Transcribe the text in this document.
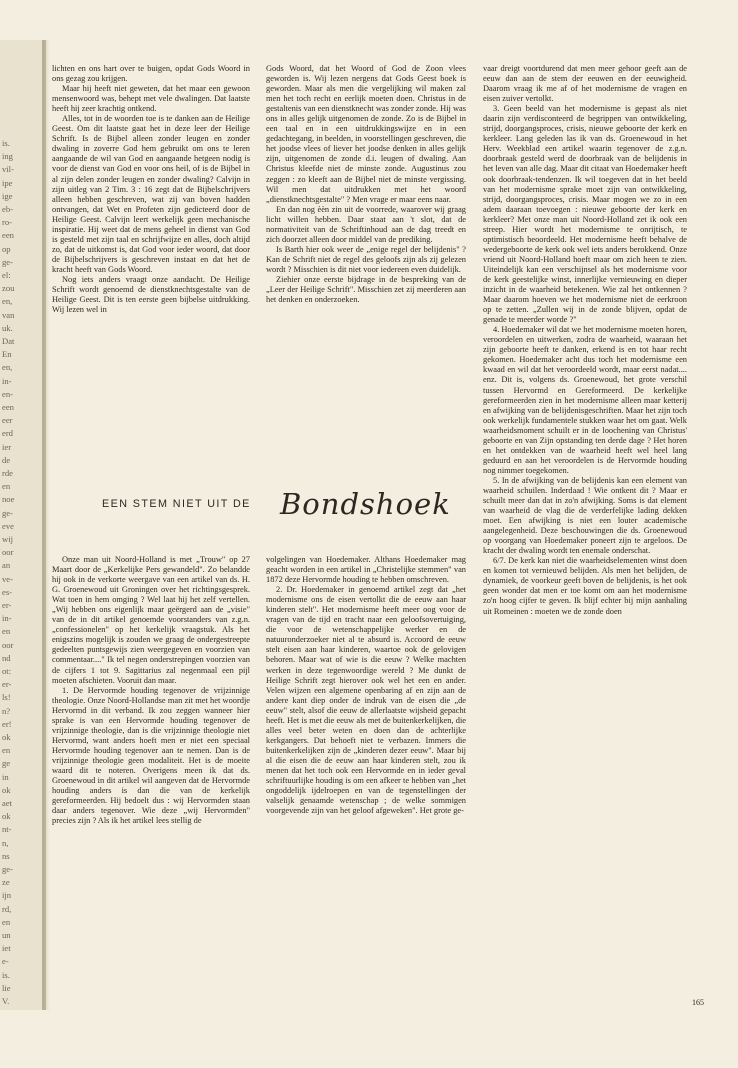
is.
ing
vil-
ipe
ige
eb-
ro-
een
op
ge-
el:
zou
en,
van
uk.
Dat
En
en,
in-
en-
een
eer
erd
ier
de
rde
en
noe
ge-
eve
wij
oor
an
ve-
es-
er-
in-
en
oor
nd
ot:
er-
ls!
n?
er!
ok
en
ge
in
ok
aet
ok
nt-
n,
ns
ge-
ze
ijn
rd,
en
un
iet
e-
is.
lie
V.

lichten en ons hart over te buigen, opdat Gods Woord in ons gezag zou krijgen.

Maar hij heeft niet geweten, dat het maar een gewoon mensenwoord was, behept met vele dwalingen. Dat laatste heeft hij zeer krachtig ontkend.

Alles, tot in de woorden toe is te danken aan de Heilige Geest. Om dit laatste gaat het in deze leer der Heilige Schrift. Is de Bijbel alleen zonder leugen en zonder dwaling in zoverre God hem gebruikt om ons te leren aangaande de wil van God en aangaande hetgeen nodig is voor de dienst van God en voor ons heil, of is de Bijbel in al zijn delen zonder leugen en zonder dwaling? Calvijn in zijn uitleg van 2 Tim. 3 : 16 zegt dat de Bijbelschrijvers alleen hebben geschreven, wat zij van boven hadden ontvangen, dat Wet en Profeten zijn gedicteerd door de Heilige Geest. Calvijn leert werkelijk geen mechanische inspiratie. Hij weet dat de mens geheel in dienst van God is gesteld met zijn taal en schrijfwijze en alles, doch altijd zo, dat de uitkomst is, dat God voor ieder woord, dat door de Bijbelschrijvers is geschreven instaat en dat het de kracht heeft van Gods Woord.

Nog iets anders vraagt onze aandacht. De Heilige Schrift wordt genoemd de dienstknechtsgestalte van de Heilige Geest. Dit is ten eerste geen bijbelse uitdrukking. Wij lezen wel in

Gods Woord, dat het Woord of God de Zoon vlees geworden is. Wij lezen nergens dat Gods Geest boek is geworden. Maar als men die vergelijking wil maken zal men het toch recht en eerlijk moeten doen. Christus in de gestaltenis van een dienstknecht was zonder zonde. Hij was ons in alles gelijk uitgenomen de zonde. Zo is de Bijbel in een taal en in een uitdrukkingswijze en in een gedachtegang, in beelden, in voorstellingen geschreven, die het joodse vlees of liever het joodse denken in alles gelijk zijn, uitgenomen de zonde d.i. leugen of dwaling. Aan Christus kleefde niet de minste zonde. Augustinus zou zeggen : zo kleeft aan de Bijbel niet de minste vergissing. Wil men dat uitdrukken met het woord „dienstknechtsgestalte" ? Men vrage er maar eens naar.

En dan nog èèn zin uit de voorrede, waarover wij graag licht willen hebben. Daar staat aan 't slot, dat de normativiteit van de Schriftinhoud aan de dag treedt en zich doorzet alleen door middel van de prediking.

Is Barth hier ook weer de „enige regel der belijdenis" ? Kan de Schrift niet de regel des geloofs zijn als zij gelezen wordt ? Misschien is dit niet voor iedereen even duidelijk.

Ziehier onze eerste bijdrage in de bespreking van de „Leer der Heilige Schrift". Misschien zet zij meerderen aan het denken en onderzoeken.

vaar dreigt voortdurend dat men meer gehoor geeft aan de eeuw dan aan de stem der eeuwen en der eeuwigheid. Daarom vraag ik me af of het modernisme de vragen en eisen zuiver vertolkt.

3. Geen beeld van het modernisme is gepast als niet daarin zijn verdisconteerd de begrippen van ontwikkeling, strijd, doorgangsproces, crisis, nieuwe geboorte der kerk en kerkleer. Lang geleden las ik van ds. Groenewoud in het Herv. Weekblad een artikel waarin tegenover de z.g.n. doorbraak gesteld werd de doorbraak van de belijdenis in het leven van alle dag. Maar dit citaat van Hoedemaker heeft ook doorbraak-tendenzen. Ik wil toegeven dat in het beeld van het modernisme sprake moet zijn van ontwikkeling, strijd, doorgangsproces, crisis. Maar mogen we zo in een adem daaraan toevoegen : nieuwe geboorte der kerk en kerkleer? Met onze man uit Noord-Holland zet ik ook een streep. Hier wordt het modernisme te onrijtisch, te optimistisch beoordeeld. Het modernisme heeft behalve de wedergeboorte de kerk ook wel iets anders berokkend. Onze vriend uit Noord-Holland hoeft maar om zich heen te zien. Uiteindelijk kan een verschijnsel als het modernisme voor de kerk geestelijke winst, innerlijke vernieuwing en dieper inzicht in de waarheid betekenen. Wie zal het ontkennen ? Maar daarom hoeven we het modernisme niet de eerkroon op te zetten. „Zullen wij in de zonde blijven, opdat de genade te meerder worde ?"

4. Hoedemaker wil dat we het modernisme moeten horen, veroordelen en uitwerken, zodra de waarheid, waaraan het zijn geboorte heeft te danken, erkend is en tot haar recht gekomen. Hoedemaker acht dus toch het modernisme een kwaad en wil dat het veroordeeld wordt, maar eerst nadat.... enz. Dit is, volgens ds. Groenewoud, het grote verschil tussen Hervormd en Gereformeerd. De kerkelijke gereformeerden zien in het modernisme alleen maar ketterij en afwijking van de belijdenisgeschriften. Maar het zijn toch ook werkelijk fundamentele stukken waar het om gaat. Welk waarheidsmoment schuilt er in de loochening van Christus' geboorte en van Zijn opstanding ten derde dage ? Het horen en het ontdekken van de waarheid heeft wel heel lang geduurd en aan het veroordelen is de Hervormde houding nog nimmer toegekomen.

5. In de afwijking van de belijdenis kan een element van waarheid schuilen. Inderdaad ! Wie ontkent dit ? Maar er schuilt meer dan dat in zo'n afwijking. Soms is dat element van waarheid de vlag die de verderfelijke lading dekken moet. Een afwijking is niet een louter academische aangelegenheid. Deze beschouwingen die ds. Groenewoud op voorgang van Hoedemaker poneert zijn te argeloos. De kracht der dwaling wordt ten enemale onderschat.

6/7. De kerk kan niet die waarheidselementen winst doen en komen tot vernieuwd belijden. Als men het belijden, de dynamiek, de voorkeur geeft boven de belijdenis, is het ook geen wonder dat men er toe komt om aan het modernisme zo'n hoog cijfer te geven. Ik blijf echter bij mijn aanhaling uit Romeinen : moeten we de zonde doen

EEN STEM NIET UIT DE Bondshoek

Onze man uit Noord-Holland is met „Trouw" op 27 Maart door de „Kerkelijke Pers gewandeld". Zo belandde hij ook in de verkorte weergave van een artikel van ds. H. G. Groenewoud uit Groningen over het richtingsgesprek. Wat toen in hem omging ? Wel laat hij het zelf vertellen. „Wij hebben ons eigenlijk maar geërgerd aan de „visie" van de in dit artikel genoemde voorstanders van z.g.n. „confessionelen" op het kerkelijk vraagstuk. Als het enigszins mogelijk is zouden we graag de ondergestreepte gedeelten puntsgewijs zien weergegeven en voorzien van commentaar...." Ik tel negen onderstrepingen voorzien van de cijfers 1 tot 9. Sagittarius zal negenmaal een pijl moeten afschieten. Vooruit dan maar.

1. De Hervormde houding tegenover de vrijzinnige theologie. Onze Noord-Hollandse man zit met het woordje Hervormd in dit verband. Ik zou zeggen wanneer hier sprake is van een Hervormde houding tegenover de vrijzinnige theologie, dan is die vrijzinnige theologie niet Hervormd, want anders hoeft men er niet een speciaal Hervormde houding tegenover aan te nemen. Dan is de vrijzinnige theologie geen modaliteit. Het is de moeite waard dit te noteren. Overigens meen ik dat ds. Groenewoud in dit artikel wil aangeven dat de Hervormde houding anders is dan die van de kerkelijk gereformeerden. Hij bedoelt dus : wij Hervormden staan daar anders tegenover. Wie deze „wij Hervormden" precies zijn ? Als ik het artikel lees stellig de

volgelingen van Hoedemaker. Althans Hoedemaker mag geacht worden in een artikel in „Christelijke stemmen" van 1872 deze Hervormde houding te hebben omschreven.

2. Dr. Hoedemaker in genoemd artikel zegt dat „het modernisme ons de eisen vertolkt die de eeuw aan haar kinderen stelt". Het modernisme heeft meer oog voor de vragen van de tijd en tracht naar een geloofsovertuiging, die voor de wetenschappelijke werker en de natuuronderzoeker niet al te absurd is. Accoord de eeuw stelt eisen aan haar kinderen, waartoe ook de gelovigen behoren. Maar wat of wie is die eeuw ? Welke machten werken in deze tegenwoordige wereld ? Me dunkt de Heilige Schrift zegt hierover ook wel het een en ander. Velen wijzen een algemene openbaring af en zijn aan de andere kant diep onder de indruk van de eisen die „de eeuw" stelt, alsof die eeuw de allerlaatste wijsheid gepacht heeft. Het is met die eeuw als met de buitenkerkelijken, die alles veel beter weten en doen dan de achterlijke kerkgangers. Dat behoeft niet te verbazen. Immers die buitenkerkelijken zijn de „kinderen dezer eeuw". Maar bij al die eisen die de eeuw aan haar kinderen stelt, zou ik menen dat het toch ook een Hervormde en in ieder geval schriftuurlijke houding is om een afkeer te hebben van „het ongoddelijk ijdelroepen en van de tegenstellingen der valselijk genaamde wetenschap ; de welke sommigen voorgevende zijn van het geloof afgeweken". Het grote ge-

165
